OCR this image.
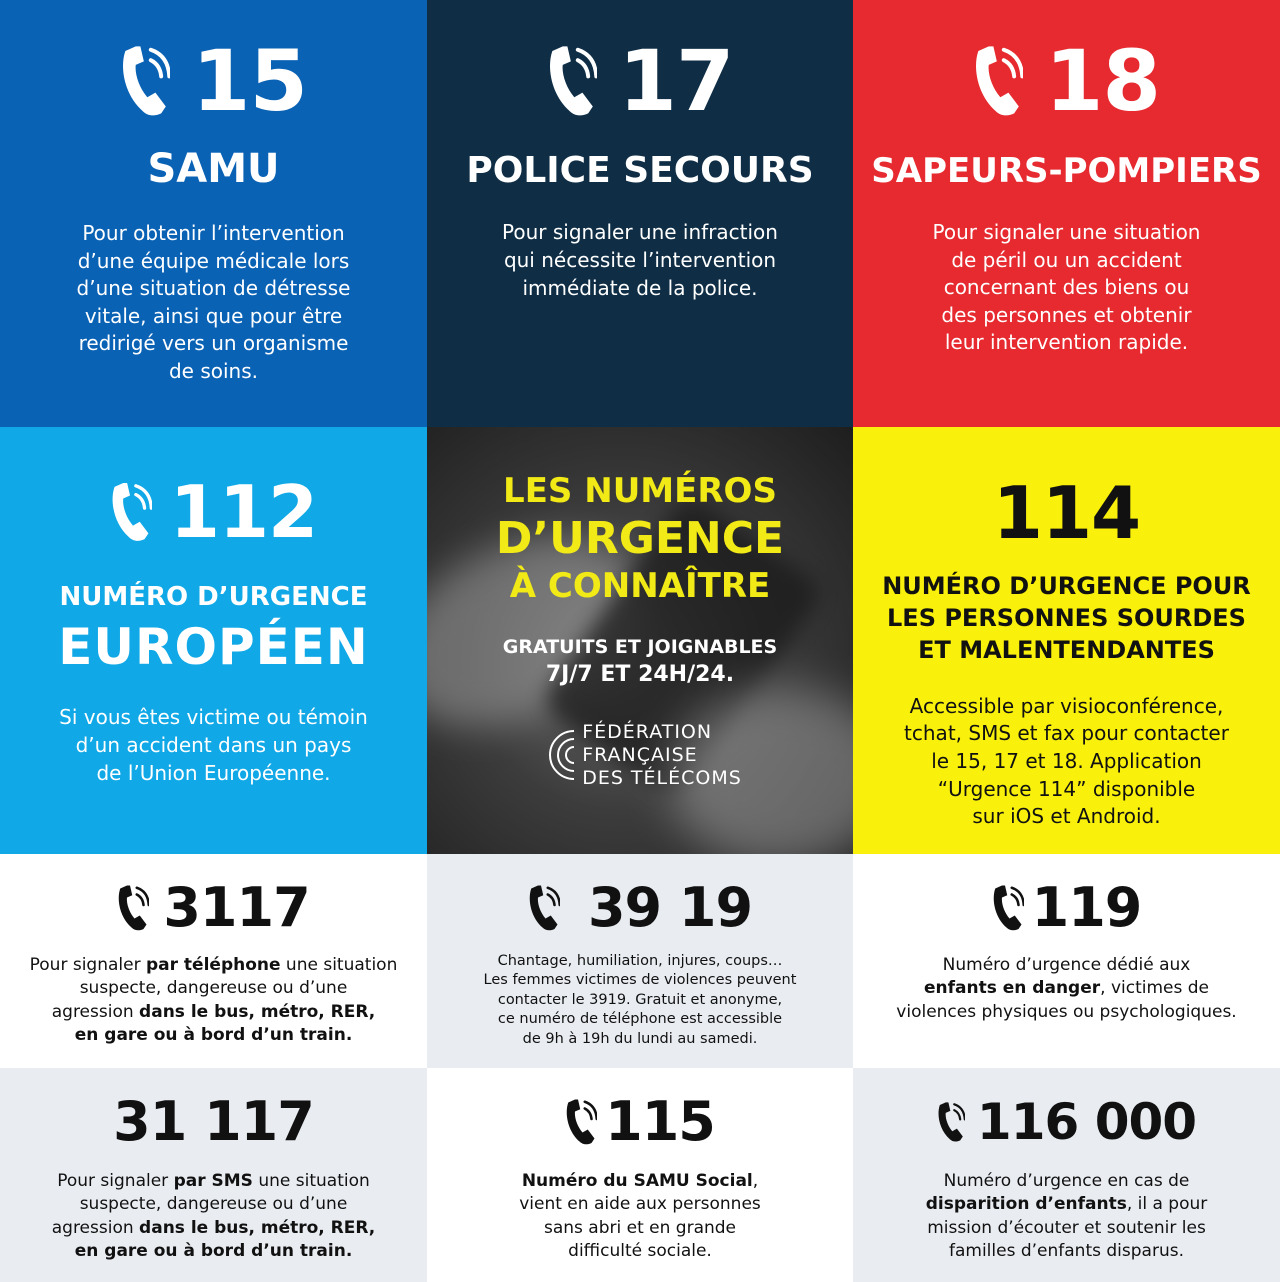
15
SAMU
Pour obtenir l’intervention
d’une équipe médicale lors
d’une situation de détresse
vitale, ainsi que pour être
redirigé vers un organisme
de soins.
17
POLICE SECOURS
Pour signaler une infraction
qui nécessite l’intervention
immédiate de la police.
18
SAPEURS-POMPIERS
Pour signaler une situation
de péril ou un accident
concernant des biens ou
des personnes et obtenir
leur intervention rapide.
112
NUMÉRO D’URGENCE
EUROPÉEN
Si vous êtes victime ou témoin
d’un accident dans un pays
de l’Union Européenne.
LES NUMÉROS
D’URGENCE
À CONNAÎTRE
GRATUITS ET JOIGNABLES
7J/7 ET 24H/24.
FÉDÉRATION
FRANÇAISE
DES TÉLÉCOMS
114
NUMÉRO D’URGENCE POUR
LES PERSONNES SOURDES
ET MALENTENDANTES
Accessible par visioconférence,
tchat, SMS et fax pour contacter
le 15, 17 et 18. Application
“Urgence 114” disponible
sur iOS et Android.
3117
Pour signaler par téléphone une situation
suspecte, dangereuse ou d’une
agression dans le bus, métro, RER,
en gare ou à bord d’un train.
39 19
Chantage, humiliation, injures, coups…
Les femmes victimes de violences peuvent
contacter le 3919. Gratuit et anonyme,
ce numéro de téléphone est accessible
de 9h à 19h du lundi au samedi.
119
Numéro d’urgence dédié aux
enfants en danger, victimes de
violences physiques ou psychologiques.
31 117
Pour signaler par SMS une situation
suspecte, dangereuse ou d’une
agression dans le bus, métro, RER,
en gare ou à bord d’un train.
115
Numéro du SAMU Social,
vient en aide aux personnes
sans abri et en grande
difficulté sociale.
116 000
Numéro d’urgence en cas de
disparition d’enfants, il a pour
mission d’écouter et soutenir les
familles d’enfants disparus.
